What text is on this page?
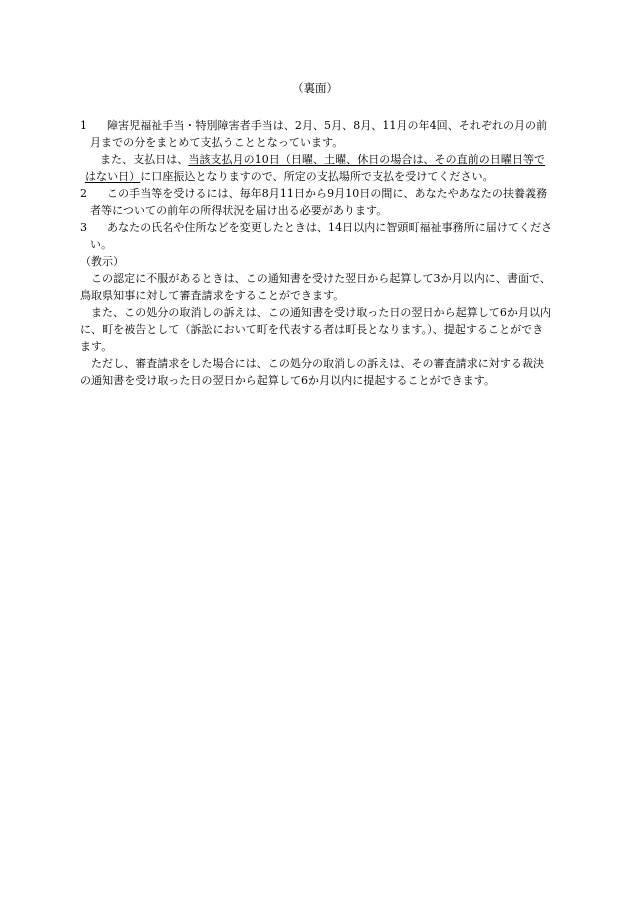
（裏面）

1　障害児福祉手当・特別障害者手当は、2月、5月、8月、11月の年4回、それぞれの月の前月までの分をまとめて支払うこととなっています。

また、支払日は、当該支払月の10日（日曜、土曜、休日の場合は、その直前の日曜日等ではない日）に口座振込となりますので、所定の支払場所で支払を受けてください。

2　この手当等を受けるには、毎年8月11日から9月10日の間に、あなたやあなたの扶養義務者等についての前年の所得状況を届け出る必要があります。

3　あなたの氏名や住所などを変更したときは、14日以内に智頭町福祉事務所に届けてください。

（教示）

この認定に不服があるときは、この通知書を受けた翌日から起算して3か月以内に、書面で、鳥取県知事に対して審査請求をすることができます。

また、この処分の取消しの訴えは、この通知書を受け取った日の翌日から起算して6か月以内に、町を被告として（訴訟において町を代表する者は町長となります。）、提起することができます。

ただし、審査請求をした場合には、この処分の取消しの訴えは、その審査請求に対する裁決の通知書を受け取った日の翌日から起算して6か月以内に提起することができます。
